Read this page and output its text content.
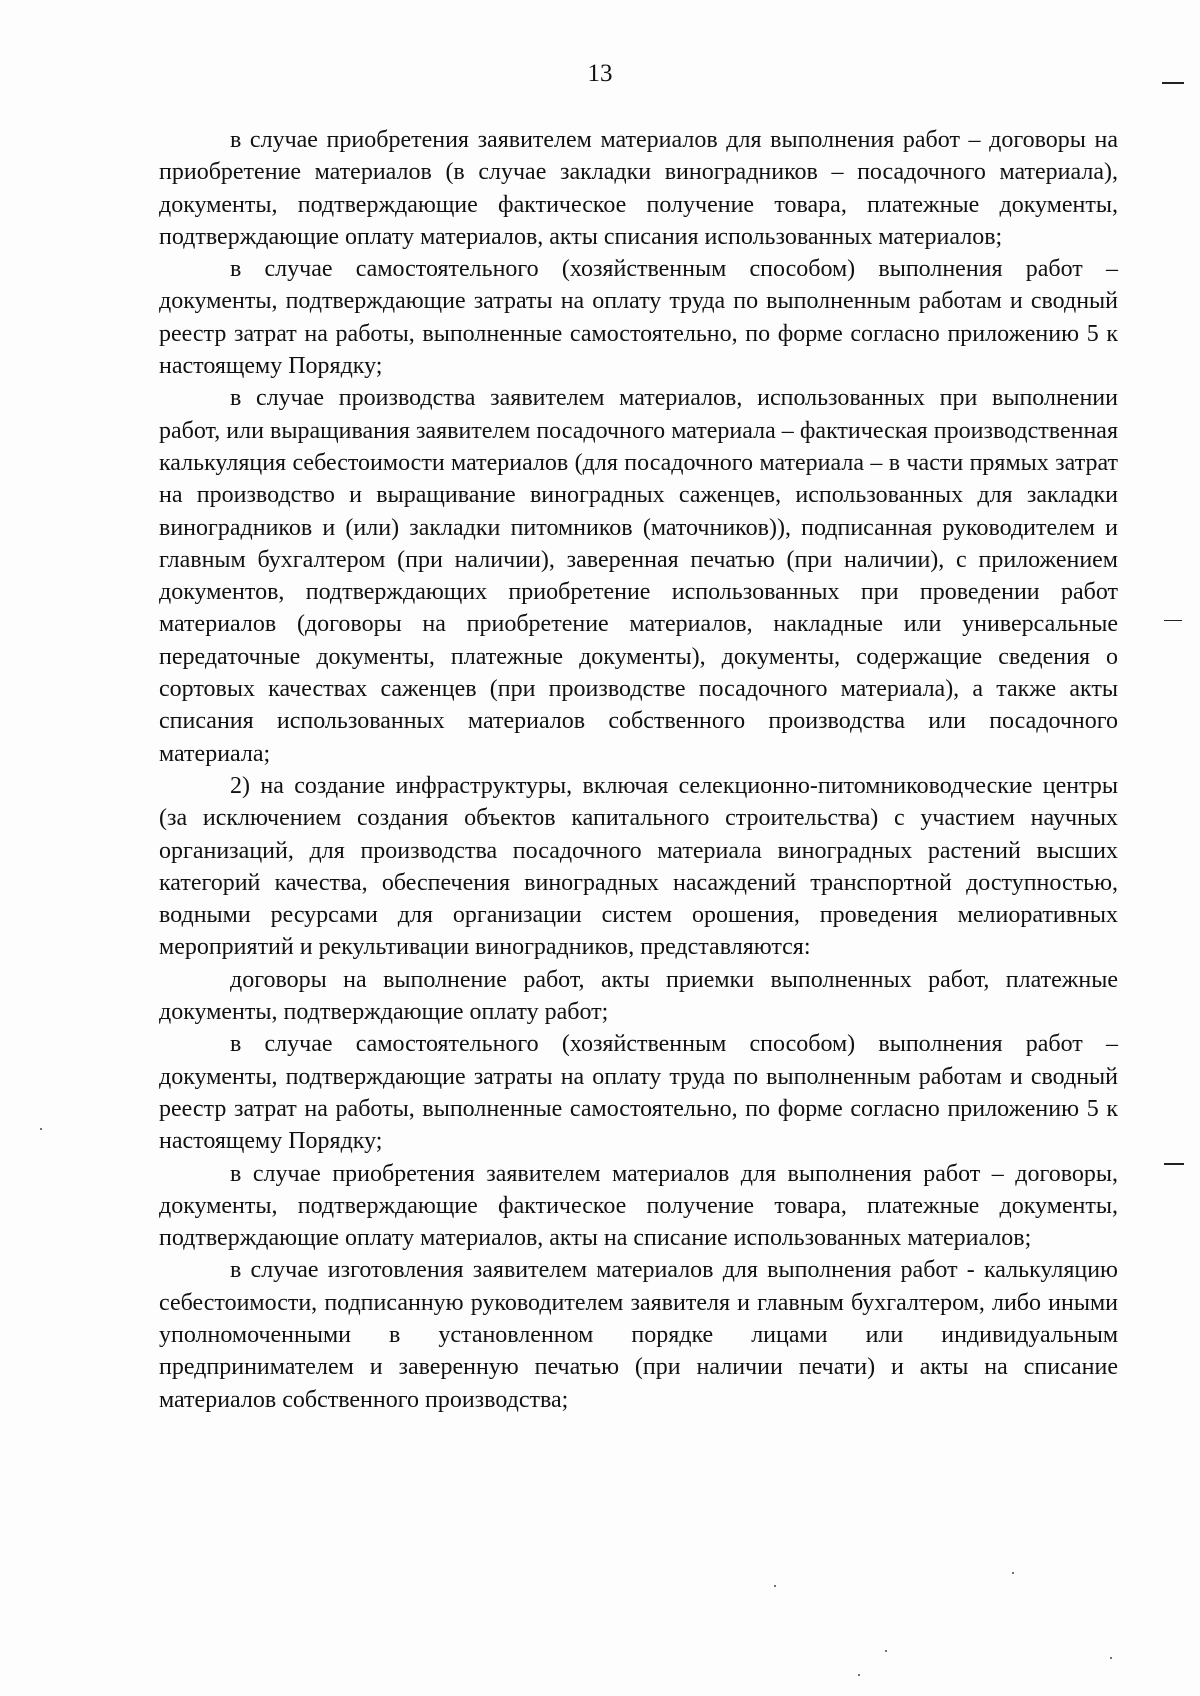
13

в случае приобретения заявителем материалов для выполнения работ – договоры на приобретение материалов (в случае закладки виноградников – посадочного материала), документы, подтверждающие фактическое получение товара, платежные документы, подтверждающие оплату материалов, акты списания использованных материалов;

в случае самостоятельного (хозяйственным способом) выполнения работ – документы, подтверждающие затраты на оплату труда по выполненным работам и сводный реестр затрат на работы, выполненные самостоятельно, по форме согласно приложению 5 к настоящему Порядку;

в случае производства заявителем материалов, использованных при выполнении работ, или выращивания заявителем посадочного материала – фактическая производственная калькуляция себестоимости материалов (для посадочного материала – в части прямых затрат на производство и выращивание виноградных саженцев, использованных для закладки виноградников и (или) закладки питомников (маточников)), подписанная руководителем и главным бухгалтером (при наличии), заверенная печатью (при наличии), с приложением документов, подтверждающих приобретение использованных при проведении работ материалов (договоры на приобретение материалов, накладные или универсальные передаточные документы, платежные документы), документы, содержащие сведения о сортовых качествах саженцев (при производстве посадочного материала), а также акты списания использованных материалов собственного производства или посадочного материала;

2) на создание инфраструктуры, включая селекционно-питомниководческие центры (за исключением создания объектов капитального строительства) с участием научных организаций, для производства посадочного материала виноградных растений высших категорий качества, обеспечения виноградных насаждений транспортной доступностью, водными ресурсами для организации систем орошения, проведения мелиоративных мероприятий и рекультивации виноградников, представляются:

договоры на выполнение работ, акты приемки выполненных работ, платежные документы, подтверждающие оплату работ;

в случае самостоятельного (хозяйственным способом) выполнения работ – документы, подтверждающие затраты на оплату труда по выполненным работам и сводный реестр затрат на работы, выполненные самостоятельно, по форме согласно приложению 5 к настоящему Порядку;

в случае приобретения заявителем материалов для выполнения работ – договоры, документы, подтверждающие фактическое получение товара, платежные документы, подтверждающие оплату материалов, акты на списание использованных материалов;

в случае изготовления заявителем материалов для выполнения работ - калькуляцию себестоимости, подписанную руководителем заявителя и главным бухгалтером, либо иными уполномоченными в установленном порядке лицами или индивидуальным предпринимателем и заверенную печатью (при наличии печати) и акты на списание материалов собственного производства;
